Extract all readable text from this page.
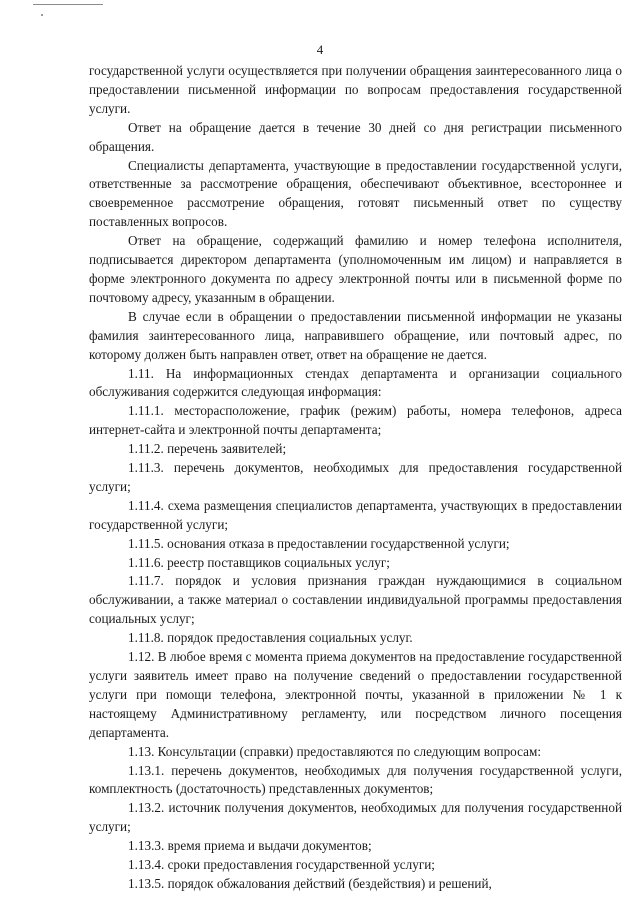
4

государственной услуги осуществляется при получении обращения заинтересованного лица о предоставлении письменной информации по вопросам предоставления государственной услуги.

Ответ на обращение дается в течение 30 дней со дня регистрации письменного обращения.

Специалисты департамента, участвующие в предоставлении государственной услуги, ответственные за рассмотрение обращения, обеспечивают объективное, всестороннее и своевременное рассмотрение обращения, готовят письменный ответ по существу поставленных вопросов.

Ответ на обращение, содержащий фамилию и номер телефона исполнителя, подписывается директором департамента (уполномоченным им лицом) и направляется в форме электронного документа по адресу электронной почты или в письменной форме по почтовому адресу, указанным в обращении.

В случае если в обращении о предоставлении письменной информации не указаны фамилия заинтересованного лица, направившего обращение, или почтовый адрес, по которому должен быть направлен ответ, ответ на обращение не дается.

1.11. На информационных стендах департамента и организации социального обслуживания содержится следующая информация:

1.11.1. месторасположение, график (режим) работы, номера телефонов, адреса интернет-сайта и электронной почты департамента;

1.11.2. перечень заявителей;

1.11.3. перечень документов, необходимых для предоставления государственной услуги;

1.11.4. схема размещения специалистов департамента, участвующих в предоставлении государственной услуги;

1.11.5. основания отказа в предоставлении государственной услуги;

1.11.6. реестр поставщиков социальных услуг;

1.11.7. порядок и условия признания граждан нуждающимися в социальном обслуживании, а также материал о составлении индивидуальной программы предоставления социальных услуг;

1.11.8. порядок предоставления социальных услуг.

1.12. В любое время с момента приема документов на предоставление государственной услуги заявитель имеет право на получение сведений о предоставлении государственной услуги при помощи телефона, электронной почты, указанной в приложении № 1 к настоящему Административному регламенту, или посредством личного посещения департамента.

1.13. Консультации (справки) предоставляются по следующим вопросам:

1.13.1. перечень документов, необходимых для получения государственной услуги, комплектность (достаточность) представленных документов;

1.13.2. источник получения документов, необходимых для получения государственной услуги;

1.13.3. время приема и выдачи документов;

1.13.4. сроки предоставления государственной услуги;

1.13.5. порядок обжалования действий (бездействия) и решений,
